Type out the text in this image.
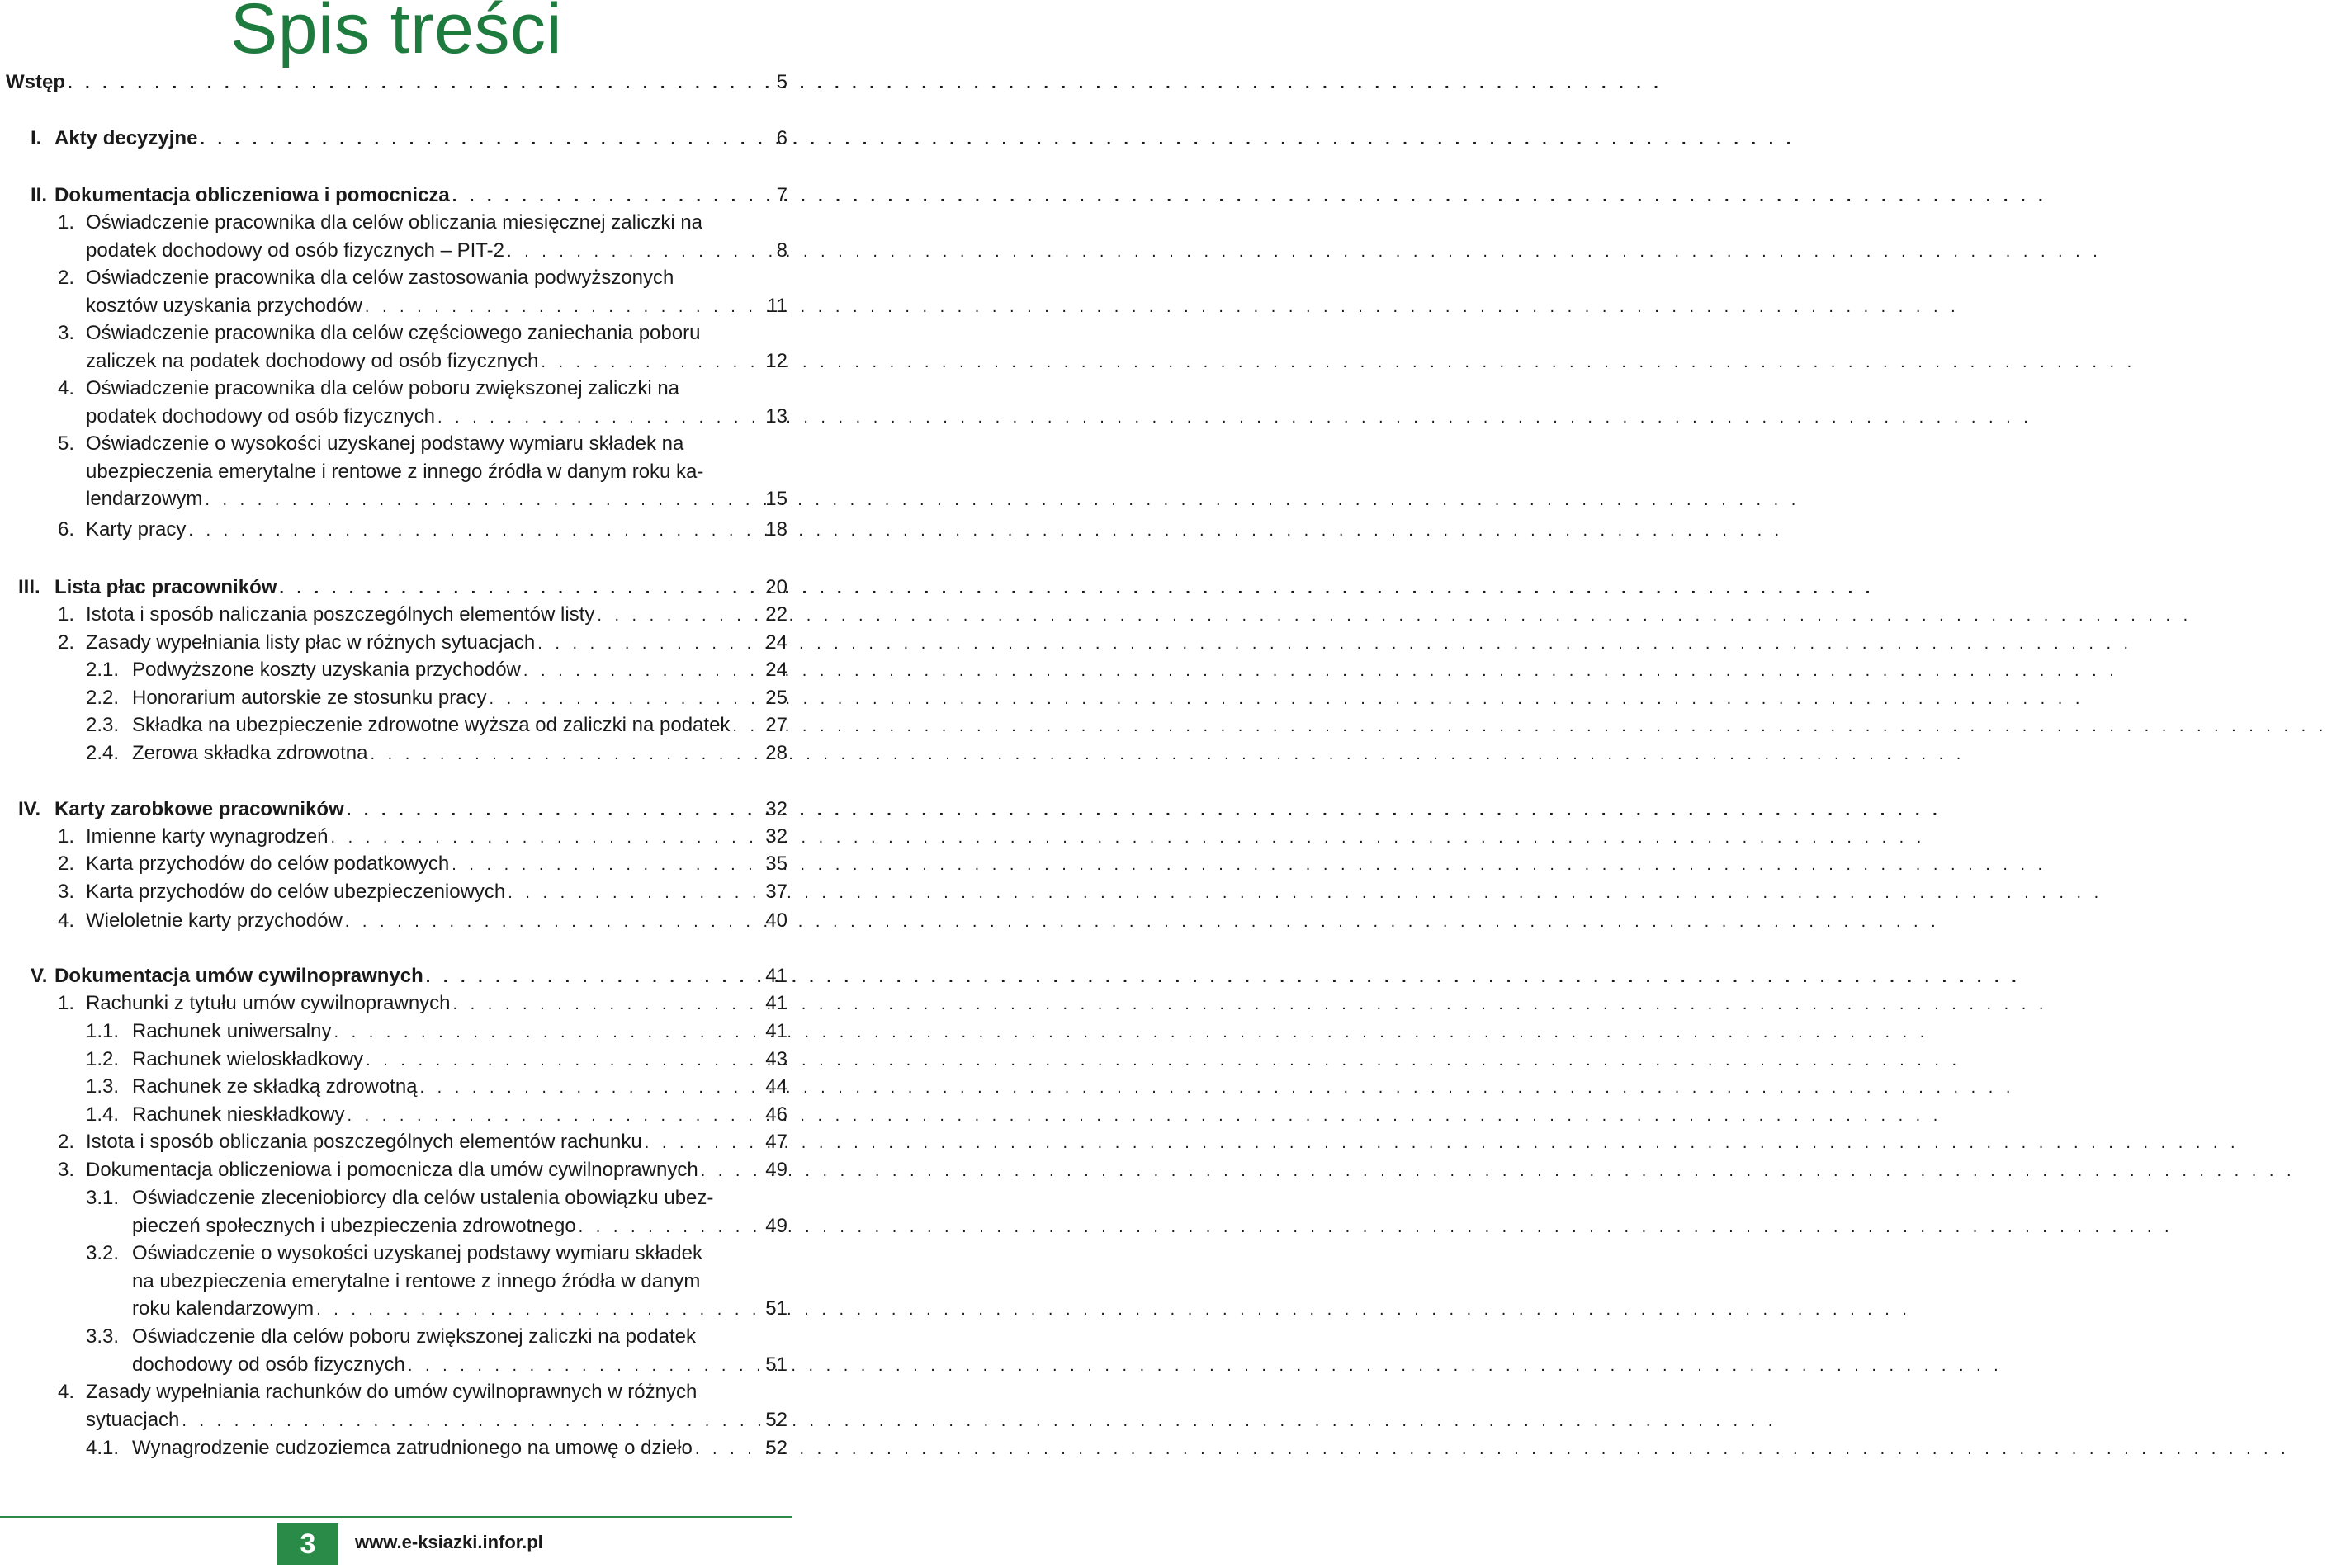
Spis treści
Wstęp . . .	5
I. Akty decyzyjne . . .	6
II. Dokumentacja obliczeniowa i pomocnicza . . .	7
1. Oświadczenie pracownika dla celów obliczania miesięcznej zaliczki na
podatek dochodowy od osób fizycznych – PIT-2 . . .	8
2. Oświadczenie pracownika dla celów zastosowania podwyższonych
kosztów uzyskania przychodów . . .	11
3. Oświadczenie pracownika dla celów częściowego zaniechania poboru
zaliczek na podatek dochodowy od osób fizycznych . . .	12
4. Oświadczenie pracownika dla celów poboru zwiększonej zaliczki na
podatek dochodowy od osób fizycznych . . .	13
5. Oświadczenie o wysokości uzyskanej podstawy wymiaru składek na
ubezpieczenia emerytalne i rentowe z innego źródła w danym roku ka-
lendarzowym . . .	15
6. Karty pracy . . .	18
III. Lista płac pracowników . . .	20
1. Istota i sposób naliczania poszczególnych elementów listy . . .	22
2. Zasady wypełniania listy płac w różnych sytuacjach . . .	24
2.1. Podwyższone koszty uzyskania przychodów . . .	24
2.2. Honorarium autorskie ze stosunku pracy . . .	25
2.3. Składka na ubezpieczenie zdrowotne wyższa od zaliczki na podatek . . .	27
2.4. Zerowa składka zdrowotna . . .	28
IV. Karty zarobkowe pracowników . . .	32
1. Imienne karty wynagrodzeń . . .	32
2. Karta przychodów do celów podatkowych . . .	35
3. Karta przychodów do celów ubezpieczeniowych . . .	37
4. Wieloletnie karty przychodów . . .	40
V. Dokumentacja umów cywilnoprawnych . . .	41
1. Rachunki z tytułu umów cywilnoprawnych . . .	41
1.1. Rachunek uniwersalny . . .	41
1.2. Rachunek wieloskładkowy . . .	43
1.3. Rachunek ze składką zdrowotną . . .	44
1.4. Rachunek nieskładkowy . . .	46
2. Istota i sposób obliczania poszczególnych elementów rachunku . . .	47
3. Dokumentacja obliczeniowa i pomocnicza dla umów cywilnoprawnych . . .	49
3.1. Oświadczenie zleceniobiorcy dla celów ustalenia obowiązku ubez-
pieczeń społecznych i ubezpieczenia zdrowotnego . . .	49
3.2. Oświadczenie o wysokości uzyskanej podstawy wymiaru składek
na ubezpieczenia emerytalne i rentowe z innego źródła w danym
roku kalendarzowym . . .	51
3.3. Oświadczenie dla celów poboru zwiększonej zaliczki na podatek
dochodowy od osób fizycznych . . .	51
4. Zasady wypełniania rachunków do umów cywilnoprawnych w różnych
sytuacjach . . .	52
4.1. Wynagrodzenie cudzoziemca zatrudnionego na umowę o dzieło . . .	52
3	www.e-ksiazki.infor.pl
